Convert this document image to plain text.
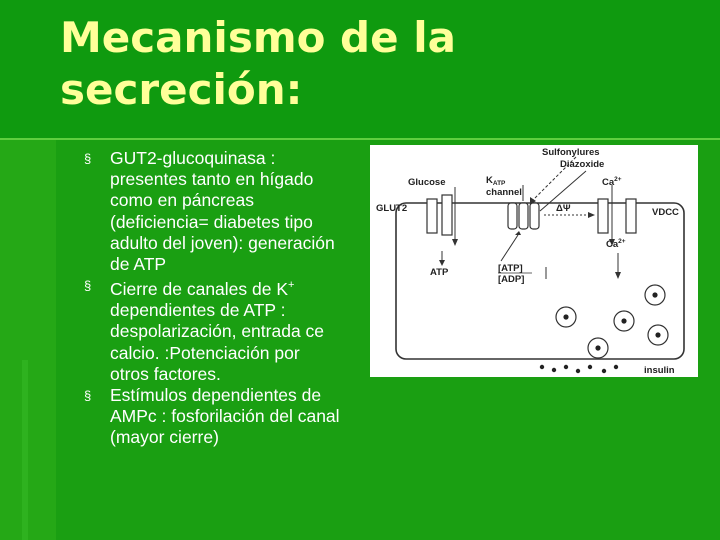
Mecanismo de la secreción:
§ GUT2-glucoquinasa : presentes tanto en hígado como en páncreas (deficiencia= diabetes tipo adulto del joven): generación de ATP
§ Cierre de canales de K+ dependientes de ATP : despolarización, entrada ce calcio. :Potenciación por otros factores.
§ Estímulos dependientes de AMPc : fosforilación del canal (mayor cierre)
Sulfonylures
Diazoxide
Glucose	$K_{ATP}$
channel
$Ca^{2+}$
GLUT2	ΔΨ	VDCC
$Ca^{2+}$
ATP	[ATP]
[ADP]
insulin
